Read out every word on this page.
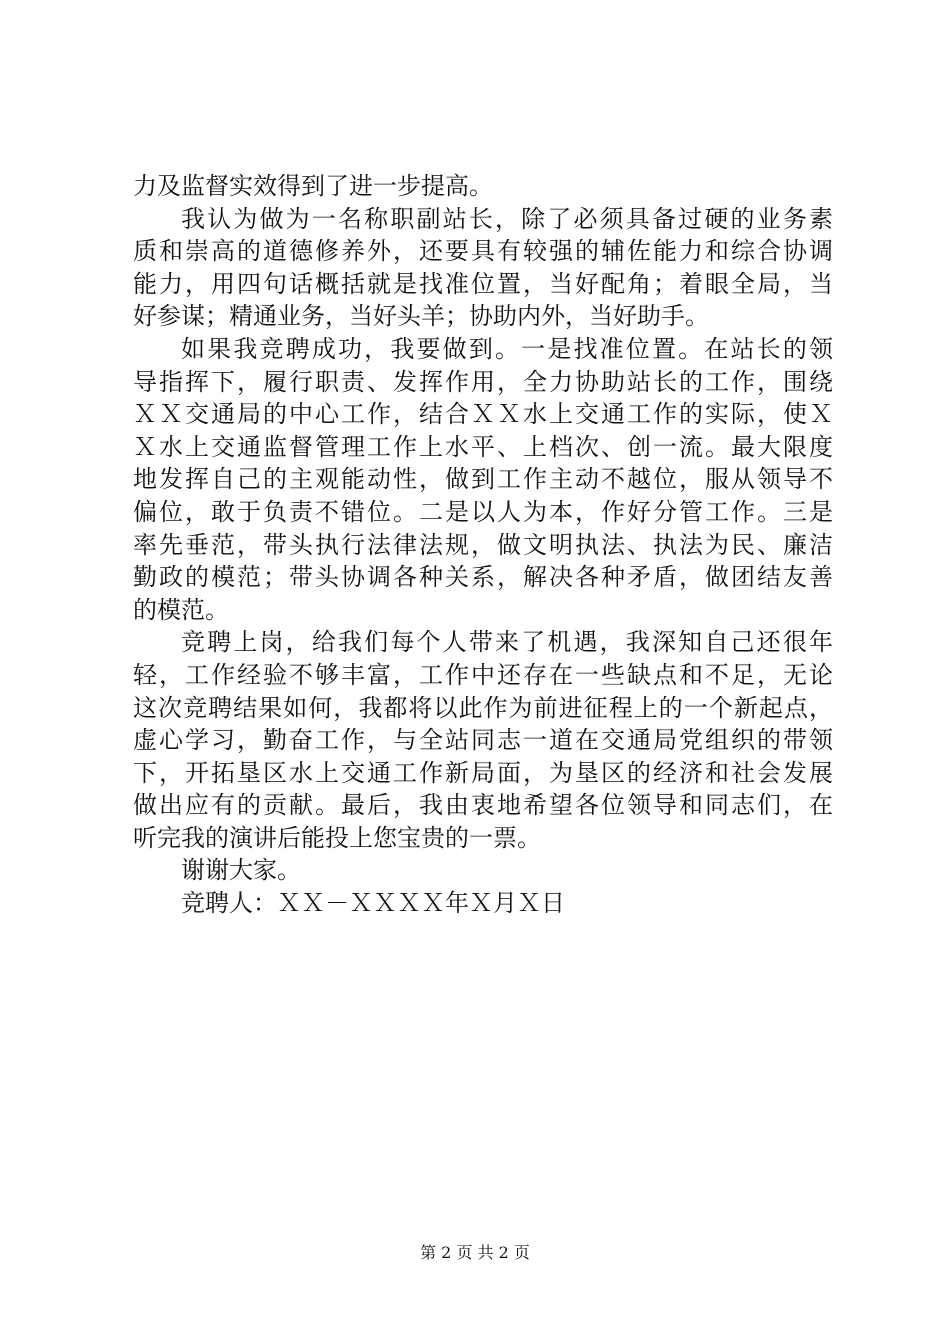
力及监督实效得到了进一步提高。
我认为做为一名称职副站长，除了必须具备过硬的业务素
质和崇高的道德修养外，还要具有较强的辅佐能力和综合协调
能力，用四句话概括就是找准位置，当好配角；着眼全局，当
好参谋；精通业务，当好头羊；协助内外，当好助手。
如果我竞聘成功，我要做到。一是找准位置。在站长的领
导指挥下，履行职责、发挥作用，全力协助站长的工作，围绕
ＸＸ交通局的中心工作，结合ＸＸ水上交通工作的实际，使Ｘ
Ｘ水上交通监督管理工作上水平、上档次、创一流。最大限度
地发挥自己的主观能动性，做到工作主动不越位，服从领导不
偏位，敢于负责不错位。二是以人为本，作好分管工作。三是
率先垂范，带头执行法律法规，做文明执法、执法为民、廉洁
勤政的模范；带头协调各种关系，解决各种矛盾，做团结友善
的模范。
竞聘上岗，给我们每个人带来了机遇，我深知自己还很年
轻，工作经验不够丰富，工作中还存在一些缺点和不足，无论
这次竞聘结果如何，我都将以此作为前进征程上的一个新起点，
虚心学习，勤奋工作，与全站同志一道在交通局党组织的带领
下，开拓垦区水上交通工作新局面，为垦区的经济和社会发展
做出应有的贡献。最后，我由衷地希望各位领导和同志们，在
听完我的演讲后能投上您宝贵的一票。
谢谢大家。
竞聘人：ＸＸ－ＸＸＸＸ年Ｘ月Ｘ日
第 2 页 共 2 页
